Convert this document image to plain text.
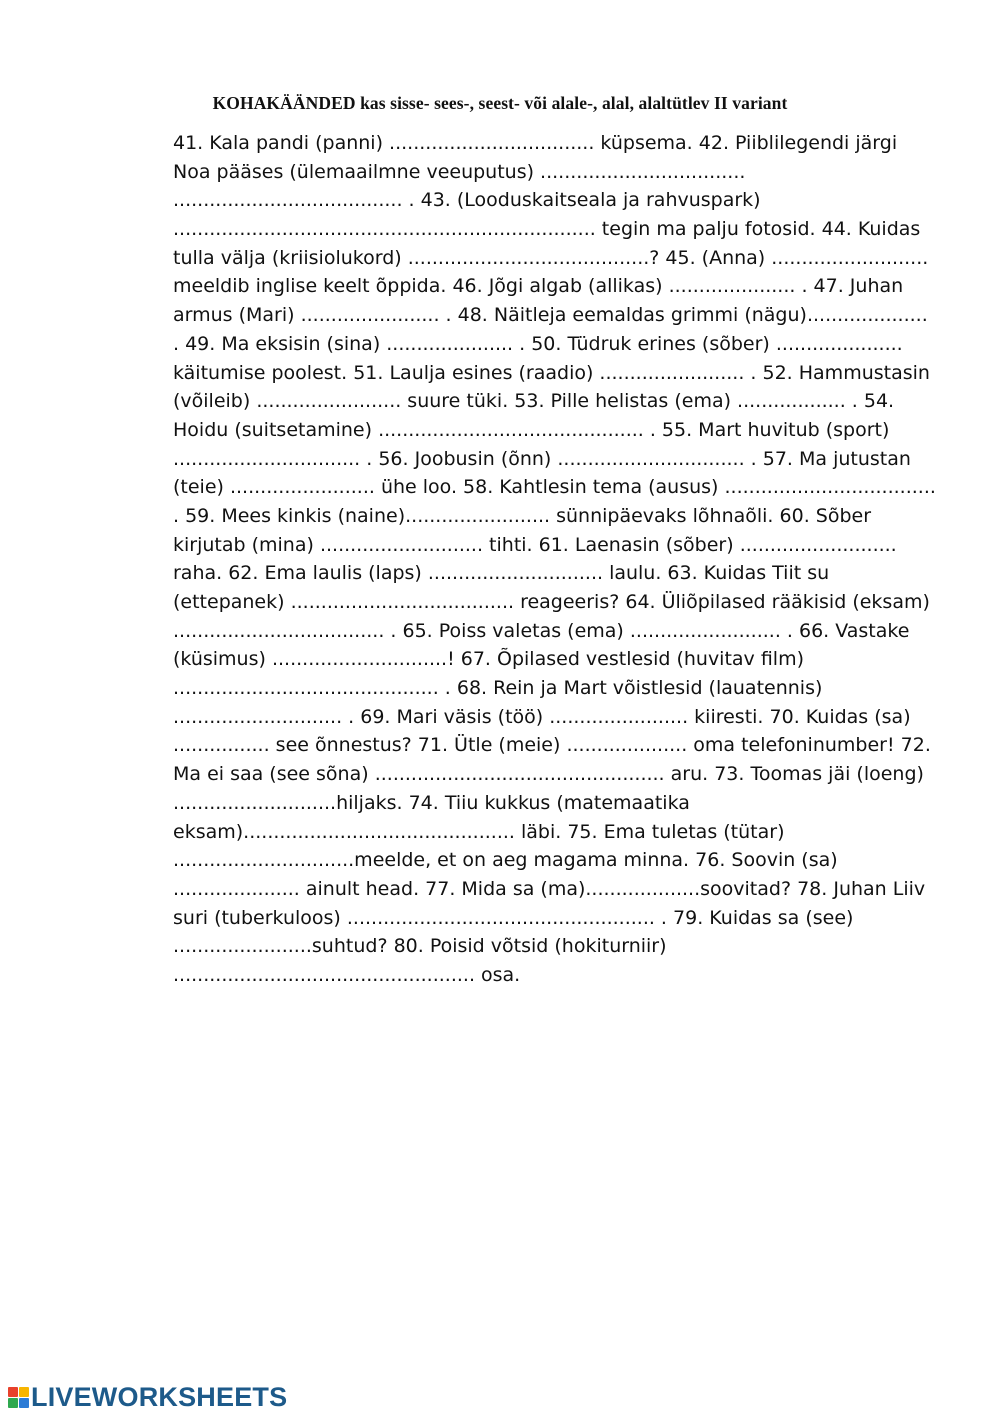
KOHAKÄÄNDED kas sisse- sees-, seest- või alale-, alal, alaltütlev II variant
41. Kala pandi (panni) .................................. küpsema. 42. Piiblilegendi järgi
Noa pääses (ülemaailmne veeuputus) ..................................
...................................... . 43. (Looduskaitseala ja rahvuspark)
...................................................................... tegin ma palju fotosid. 44. Kuidas
tulla välja (kriisiolukord) ........................................? 45. (Anna) ..........................
meeldib inglise keelt õppida. 46. Jõgi algab (allikas) ..................... . 47. Juhan
armus (Mari) ....................... . 48. Näitleja eemaldas grimmi (nägu)....................
. 49. Ma eksisin (sina) ..................... . 50. Tüdruk erines (sõber) .....................
käitumise poolest. 51. Laulja esines (raadio) ........................ . 52. Hammustasin
(võileib) ........................ suure tüki. 53. Pille helistas (ema) .................. . 54.
Hoidu (suitsetamine) ............................................ . 55. Mart huvitub (sport)
............................... . 56. Joobusin (õnn) ............................... . 57. Ma jutustan
(teie) ........................ ühe loo. 58. Kahtlesin tema (ausus) ...................................
. 59. Mees kinkis (naine)........................ sünnipäevaks lõhnaõli. 60. Sõber
kirjutab (mina) ........................... tihti. 61. Laenasin (sõber) ..........................
raha. 62. Ema laulis (laps) ............................. laulu. 63. Kuidas Tiit su
(ettepanek) ..................................... reageeris? 64. Üliõpilased rääkisid (eksam)
................................... . 65. Poiss valetas (ema) ......................... . 66. Vastake
(küsimus) .............................! 67. Õpilased vestlesid (huvitav film)
............................................ . 68. Rein ja Mart võistlesid (lauatennis)
............................ . 69. Mari väsis (töö) ....................... kiiresti. 70. Kuidas (sa)
................ see õnnestus? 71. Ütle (meie) .................... oma telefoninumber! 72.
Ma ei saa (see sõna) ................................................ aru. 73. Toomas jäi (loeng)
...........................hiljaks. 74. Tiiu kukkus (matemaatika
eksam)............................................. läbi. 75. Ema tuletas (tütar)
..............................meelde, et on aeg magama minna. 76. Soovin (sa)
..................... ainult head. 77. Mida sa (ma)...................soovitad? 78. Juhan Liiv
suri (tuberkuloos) ................................................... . 79. Kuidas sa (see)
.......................suhtud? 80. Poisid võtsid (hokiturniir)
.................................................. osa.
LIVEWORKSHEETS
